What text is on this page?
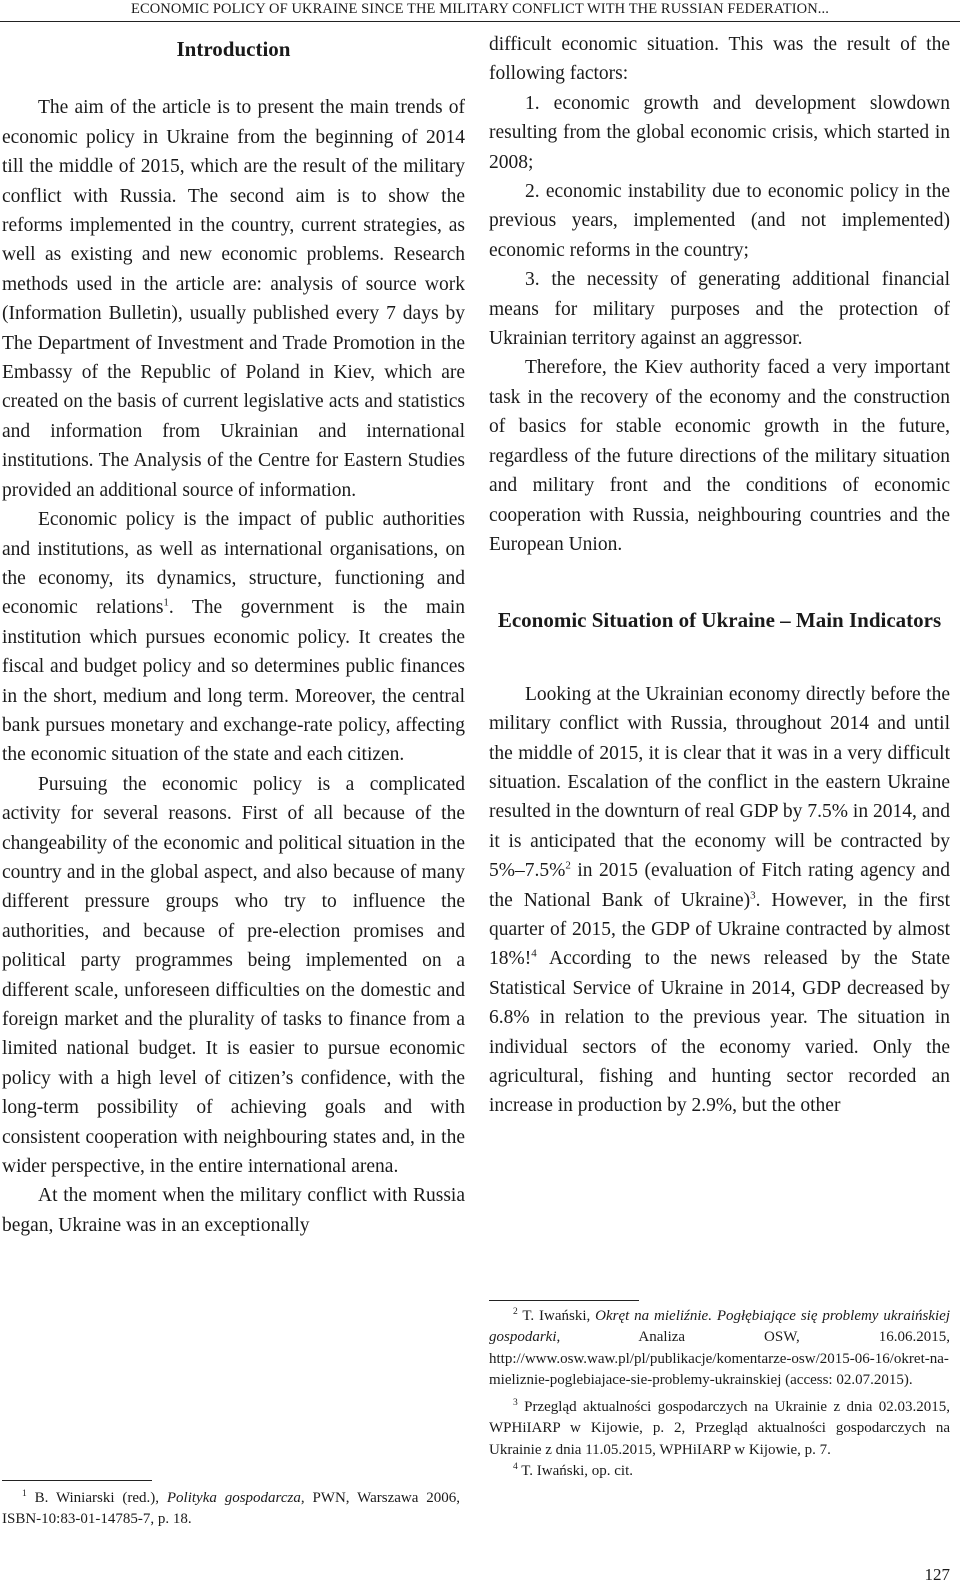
ECONOMIC POLICY OF UKRAINE SINCE THE MILITARY CONFLICT WITH THE RUSSIAN FEDERATION...
Introduction

The aim of the article is to present the main trends of economic policy in Ukraine from the beginning of 2014 till the middle of 2015, which are the result of the military conflict with Russia. The second aim is to show the reforms implemented in the country, current strategies, as well as existing and new economic problems. Research methods used in the article are: analysis of source work (Information Bulletin), usually published every 7 days by The Department of Investment and Trade Promotion in the Embassy of the Republic of Poland in Kiev, which are created on the basis of current legislative acts and statistics and information from Ukrainian and international institutions. The Analysis of the Centre for Eastern Studies provided an additional source of information.

Economic policy is the impact of public authorities and institutions, as well as international organisations, on the economy, its dynamics, structure, functioning and economic relations$^1$. The government is the main institution which pursues economic policy. It creates the fiscal and budget policy and so determines public finances in the short, medium and long term. Moreover, the central bank pursues monetary and exchange-rate policy, affecting the economic situation of the state and each citizen.

Pursuing the economic policy is a complicated activity for several reasons. First of all because of the changeability of the economic and political situation in the country and in the global aspect, and also because of many different pressure groups who try to influence the authorities, and because of pre-election promises and political party programmes being implemented on a different scale, unforeseen difficulties on the domestic and foreign market and the plurality of tasks to finance from a limited national budget. It is easier to pursue economic policy with a high level of citizen’s confidence, with the long-term possibility of achieving goals and with consistent cooperation with neighbouring states and, in the wider perspective, in the entire international arena.

At the moment when the military conflict with Russia began, Ukraine was in an exceptionally

$^1$ B. Winiarski (red.), Polityka gospodarcza, PWN, Warszawa 2006, ISBN-10:83-01-14785-7, p. 18.

difficult economic situation. This was the result of the following factors:

1. economic growth and development slowdown resulting from the global economic crisis, which started in 2008;

2. economic instability due to economic policy in the previous years, implemented (and not implemented) economic reforms in the country;

3. the necessity of generating additional financial means for military purposes and the protection of Ukrainian territory against an aggressor.

Therefore, the Kiev authority faced a very important task in the recovery of the economy and the construction of basics for stable economic growth in the future, regardless of the future directions of the military situation and military front and the conditions of economic cooperation with Russia, neighbouring countries and the European Union.

Economic Situation of Ukraine – Main Indicators

Looking at the Ukrainian economy directly before the military conflict with Russia, throughout 2014 and until the middle of 2015, it is clear that it was in a very difficult situation. Escalation of the conflict in the eastern Ukraine resulted in the downturn of real GDP by 7.5% in 2014, and it is anticipated that the economy will be contracted by 5%–7.5%$^2$ in 2015 (evaluation of Fitch rating agency and the National Bank of Ukraine)$^3$. However, in the first quarter of 2015, the GDP of Ukraine contracted by almost 18%!$^4$ According to the news released by the State Statistical Service of Ukraine in 2014, GDP decreased by 6.8% in relation to the previous year. The situation in individual sectors of the economy varied. Only the agricultural, fishing and hunting sector recorded an increase in production by 2.9%, but the other

$^2$ T. Iwański, Okręt na mieliźnie. Pogłębiające się problemy ukraińskiej gospodarki, Analiza OSW, 16.06.2015, http://www.osw.waw.pl/pl/publikacje/komentarze-osw/2015-06-16/okret-na-mieliznie-poglebiajace-sie-problemy-ukrainskiej (access: 02.07.2015).

$^3$ Przegląd aktualności gospodarczych na Ukrainie z dnia 02.03.2015, WPHiIARP w Kijowie, p. 2, Przegląd aktualności gospodarczych na Ukrainie z dnia 11.05.2015, WPHiIARP w Kijowie, p. 7.

$^4$ T. Iwański, op. cit.

127
